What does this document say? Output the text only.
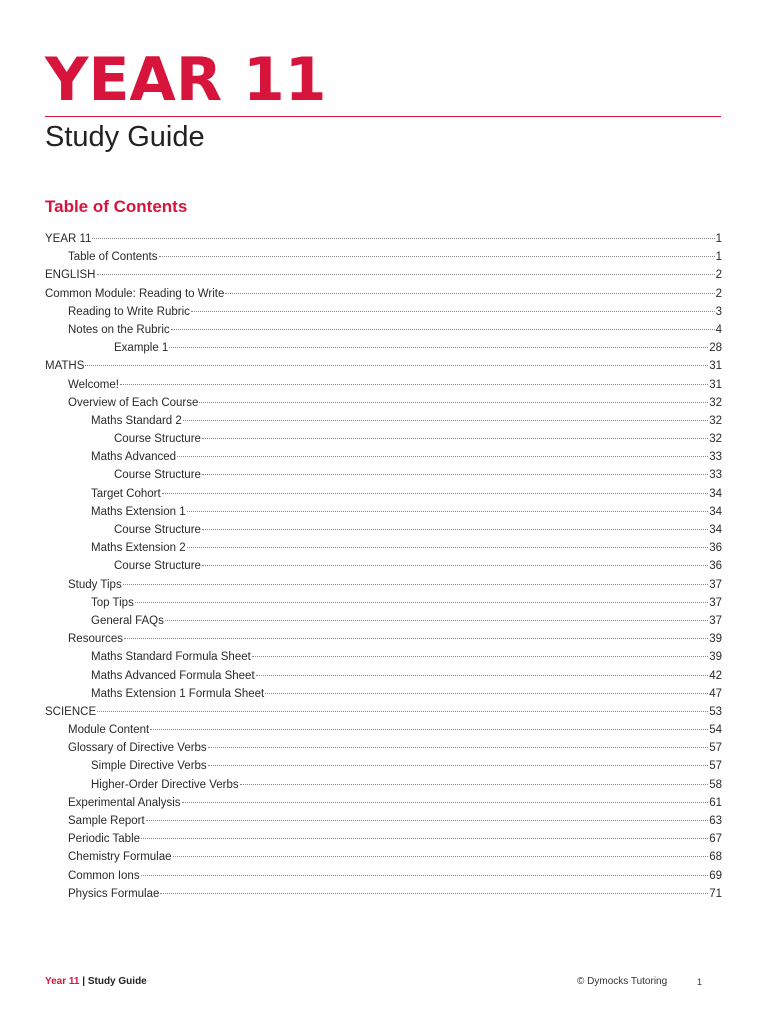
YEAR 11
Study Guide
Table of Contents
YEAR 11	1
Table of Contents	1
ENGLISH	2
Common Module: Reading to Write	2
Reading to Write Rubric	3
Notes on the Rubric	4
Example 1	28
MATHS	31
Welcome!	31
Overview of Each Course	32
Maths Standard 2	32
Course Structure	32
Maths Advanced	33
Course Structure	33
Target Cohort	34
Maths Extension 1	34
Course Structure	34
Maths Extension 2	36
Course Structure	36
Study Tips	37
Top Tips	37
General FAQs	37
Resources	39
Maths Standard Formula Sheet	39
Maths Advanced Formula Sheet	42
Maths Extension 1 Formula Sheet	47
SCIENCE	53
Module Content	54
Glossary of Directive Verbs	57
Simple Directive Verbs	57
Higher-Order Directive Verbs	58
Experimental Analysis	61
Sample Report	63
Periodic Table	67
Chemistry Formulae	68
Common Ions	69
Physics Formulae	71
Year 11 | Study Guide	© Dymocks Tutoring	1
